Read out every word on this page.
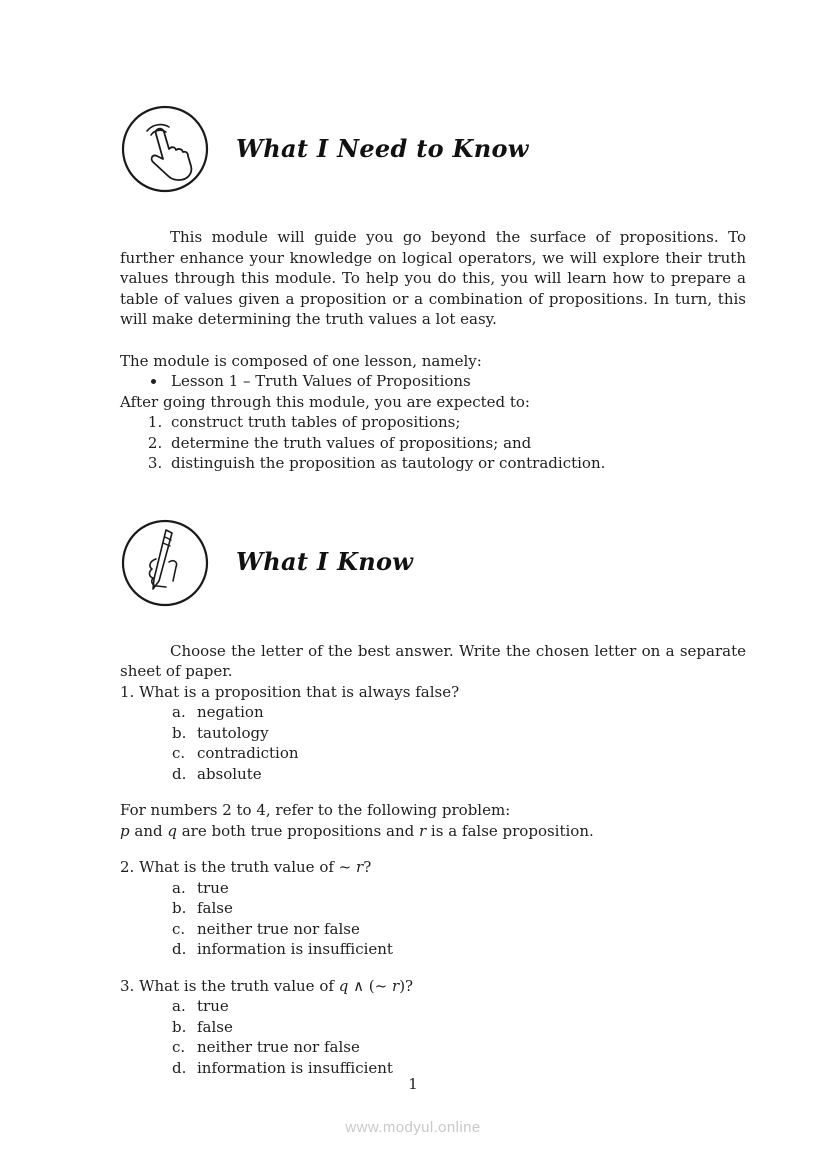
What I Need to Know

This module will guide you go beyond the surface of propositions. To further enhance your knowledge on logical operators, we will explore their truth values through this module. To help you do this, you will learn how to prepare a table of values given a proposition or a combination of propositions. In turn, this will make determining the truth values a lot easy.

The module is composed of one lesson, namely:

• Lesson 1 – Truth Values of Propositions

After going through this module, you are expected to:

1. construct truth tables of propositions;
2. determine the truth values of propositions; and
3. distinguish the proposition as tautology or contradiction.
What I Know

Choose the letter of the best answer. Write the chosen letter on a separate sheet of paper.

1. What is a proposition that is always false?

a. negation
b. tautology
c. contradiction
d. absolute

For numbers 2 to 4, refer to the following problem:

p and q are both true propositions and r is a false proposition.

2. What is the truth value of ~ r?

a. true
b. false
c. neither true nor false
d. information is insufficient

3. What is the truth value of q ∧ (~ r)?

a. true
b. false
c. neither true nor false
d. information is insufficient
1
www.modyul.online
